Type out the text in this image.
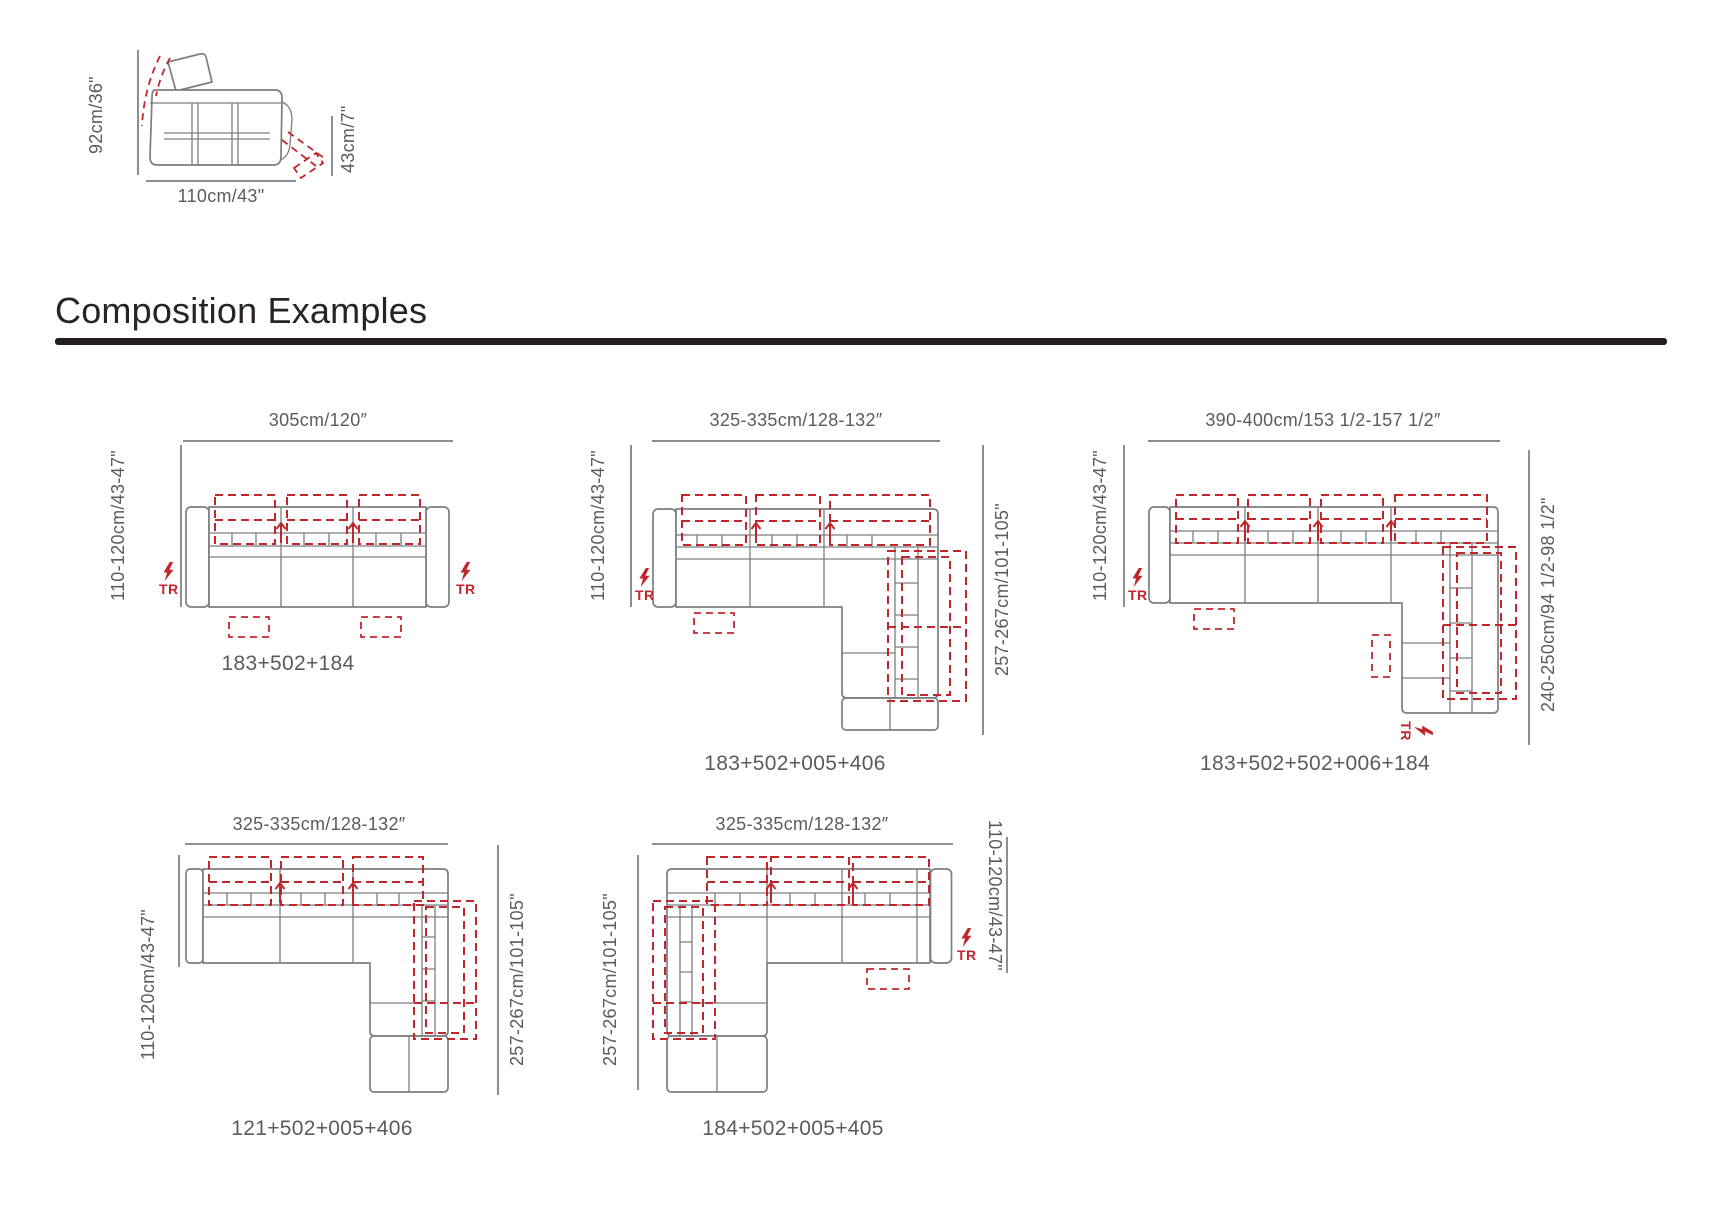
92cm/36"	43cm/7"
110cm/43"
Composition Examples
305cm/120″
110-120cm/43-47" TR	TR
183+502+184
325-335cm/128-132″
110-120cm/43-47"	257-267cm/101-105"
TR
183+502+005+406
390-400cm/153 1/2-157 1/2″
110-120cm/43-47"	240-250cm/94 1/2-98 1/2"
TR
TR
183+502+502+006+184
325-335cm/128-132″
110-120cm/43-47"	257-267cm/101-105"
121+502+005+406
325-335cm/128-132″
257-267cm/101-105"	110-120cm/43-47"
TR
184+502+005+405
